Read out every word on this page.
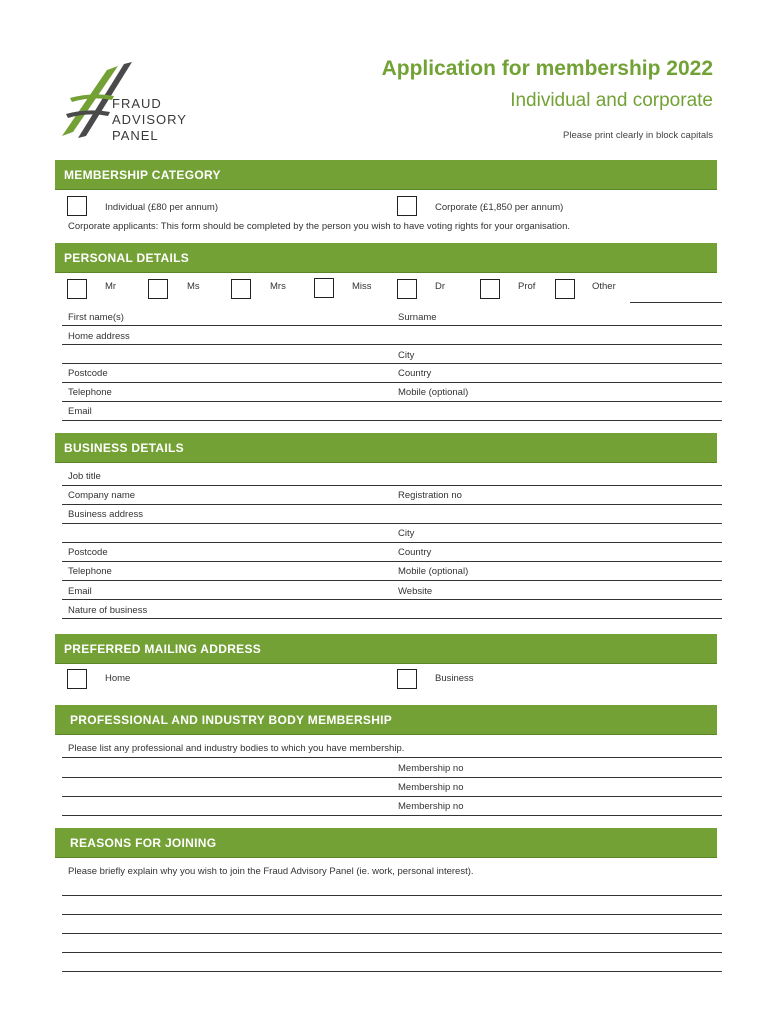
FRAUD
ADVISORY
PANEL
Application for membership 2022
Individual and corporate
Please print clearly in block capitals
MEMBERSHIP CATEGORY
Individual (£80 per annum)	Corporate (£1,850 per annum)
Corporate applicants: This form should be completed by the person you wish to have voting rights for your organisation.
PERSONAL DETAILS
Mr	Ms	Mrs	Miss	Dr	Prof	Other
First name(s)	Surname
Home address
City
Postcode	Country
Telephone	Mobile (optional)
Email
BUSINESS DETAILS
Job title
Company name	Registration no
Business address
City
Postcode	Country
Telephone	Mobile (optional)
Email	Website
Nature of business
PREFERRED MAILING ADDRESS
Home	Business
PROFESSIONAL AND INDUSTRY BODY MEMBERSHIP
Please list any professional and industry bodies to which you have membership.
Membership no
Membership no
Membership no
REASONS FOR JOINING
Please briefly explain why you wish to join the Fraud Advisory Panel (ie. work, personal interest).
